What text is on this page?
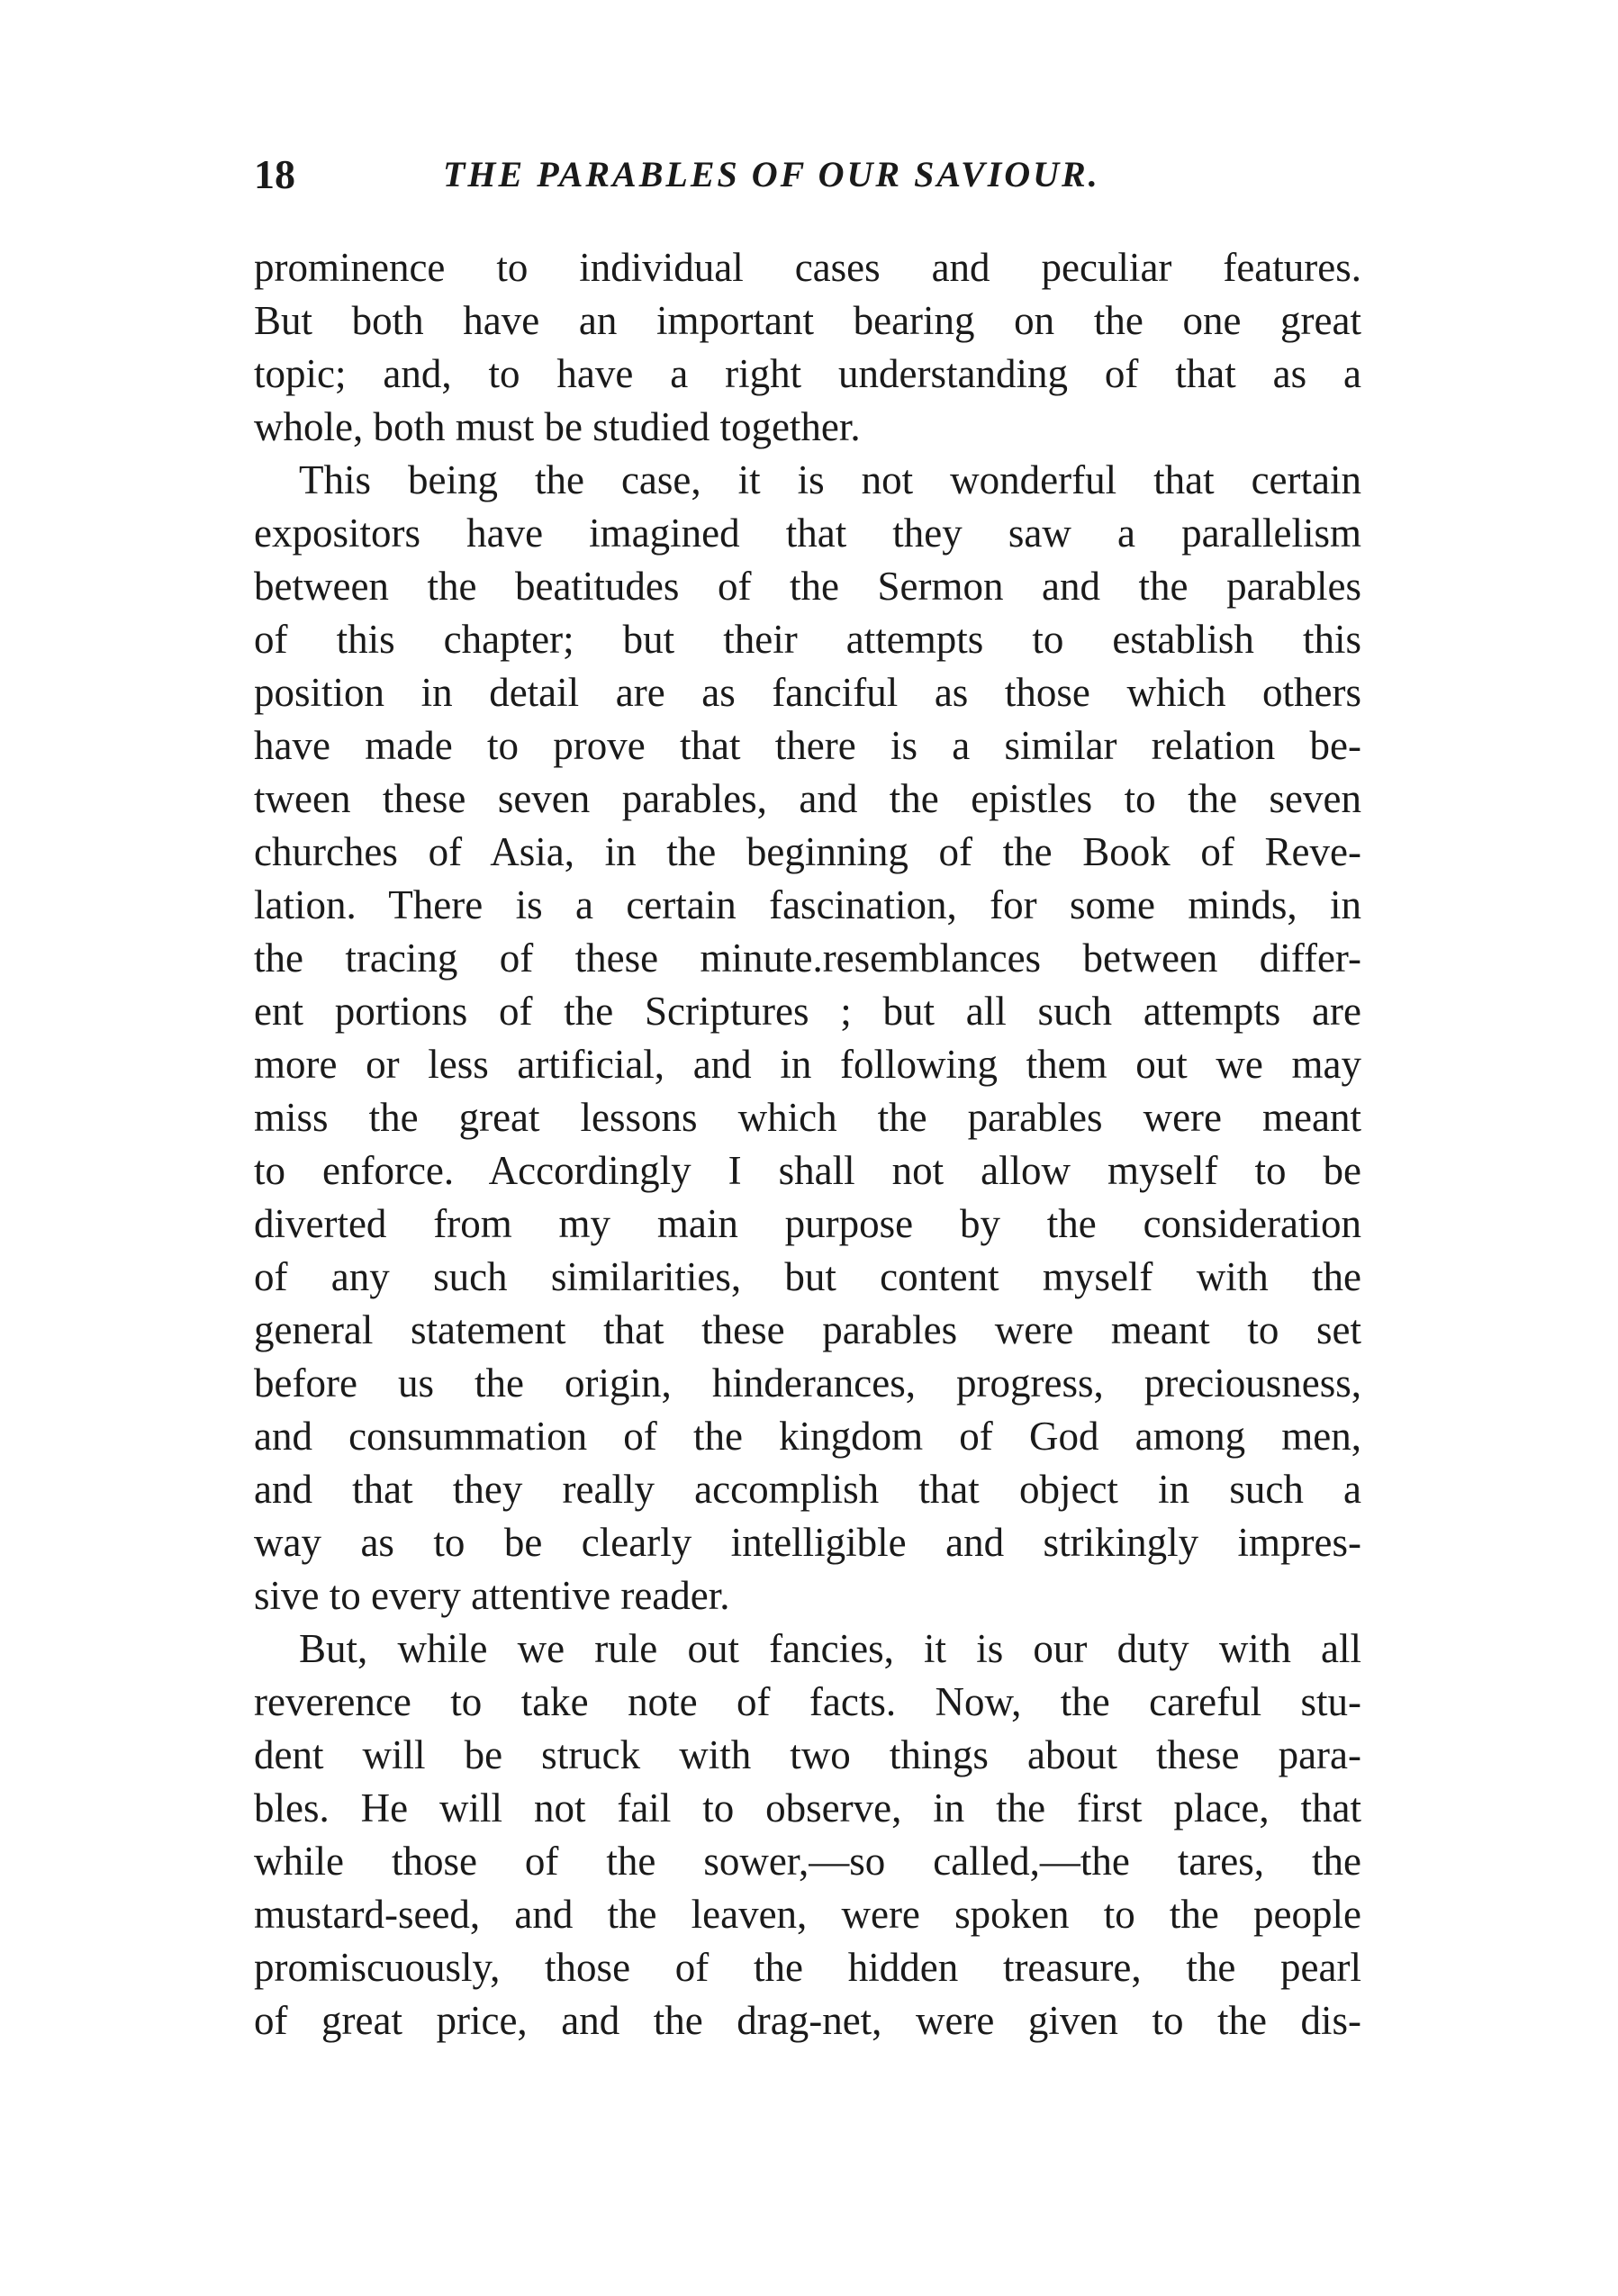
18	THE PARABLES OF OUR SAVIOUR.
prominence to individual cases and peculiar features.
But both have an important bearing on the one great
topic; and, to have a right understanding of that as a
whole, both must be studied together.
This being the case, it is not wonderful that certain
expositors have imagined that they saw a parallelism
between the beatitudes of the Sermon and the parables
of this chapter; but their attempts to establish this
position in detail are as fanciful as those which others
have made to prove that there is a similar relation be-
tween these seven parables, and the epistles to the seven
churches of Asia, in the beginning of the Book of Reve-
lation. There is a certain fascination, for some minds, in
the tracing of these minute.resemblances between differ-
ent portions of the Scriptures ; but all such attempts are
more or less artificial, and in following them out we may
miss the great lessons which the parables were meant
to enforce. Accordingly I shall not allow myself to be
diverted from my main purpose by the consideration
of any such similarities, but content myself with the
general statement that these parables were meant to set
before us the origin, hinderances, progress, preciousness,
and consummation of the kingdom of God among men,
and that they really accomplish that object in such a
way as to be clearly intelligible and strikingly impres-
sive to every attentive reader.
But, while we rule out fancies, it is our duty with all
reverence to take note of facts. Now, the careful stu-
dent will be struck with two things about these para-
bles. He will not fail to observe, in the first place, that
while those of the sower,—so called,—the tares, the
mustard-seed, and the leaven, were spoken to the people
promiscuously, those of the hidden treasure, the pearl
of great price, and the drag-net, were given to the dis-
